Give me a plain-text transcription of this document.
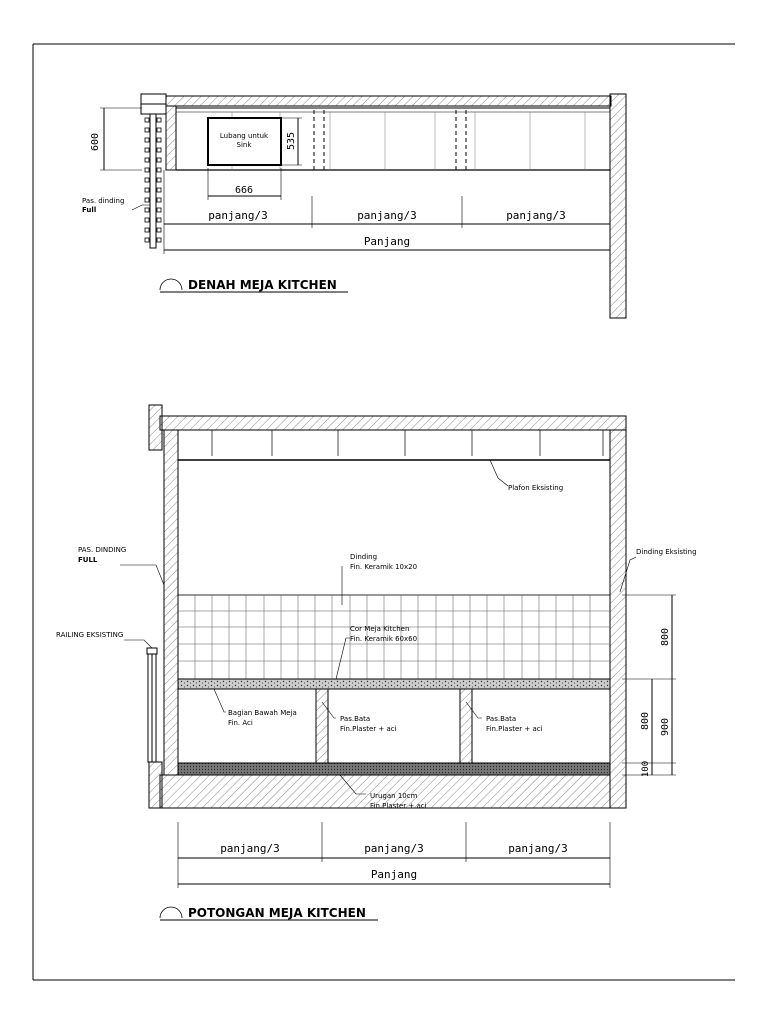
Lubang untuk
Sink
600	535
666
Pas. dinding
Full	panjang/3	panjang/3	panjang/3
Panjang
DENAH MEJA KITCHEN
Plafon Eksisting
Dinding Eksisting
PAS. DINDING
FULL
RAILING EKSISTING
Dinding
Fin. Keramik 10x20
Cor Meja Kitchen
Fin. Keramik 60x60
Bagian Bawah Meja
Fin. Aci	Pas.Bata
Fin.Plaster + aci
Pas.Bata
Fin.Plaster + aci
Urugan 10cm
Fin.Plaster + aci
800
800 900
100
panjang/3	panjang/3	panjang/3
Panjang
POTONGAN MEJA KITCHEN
